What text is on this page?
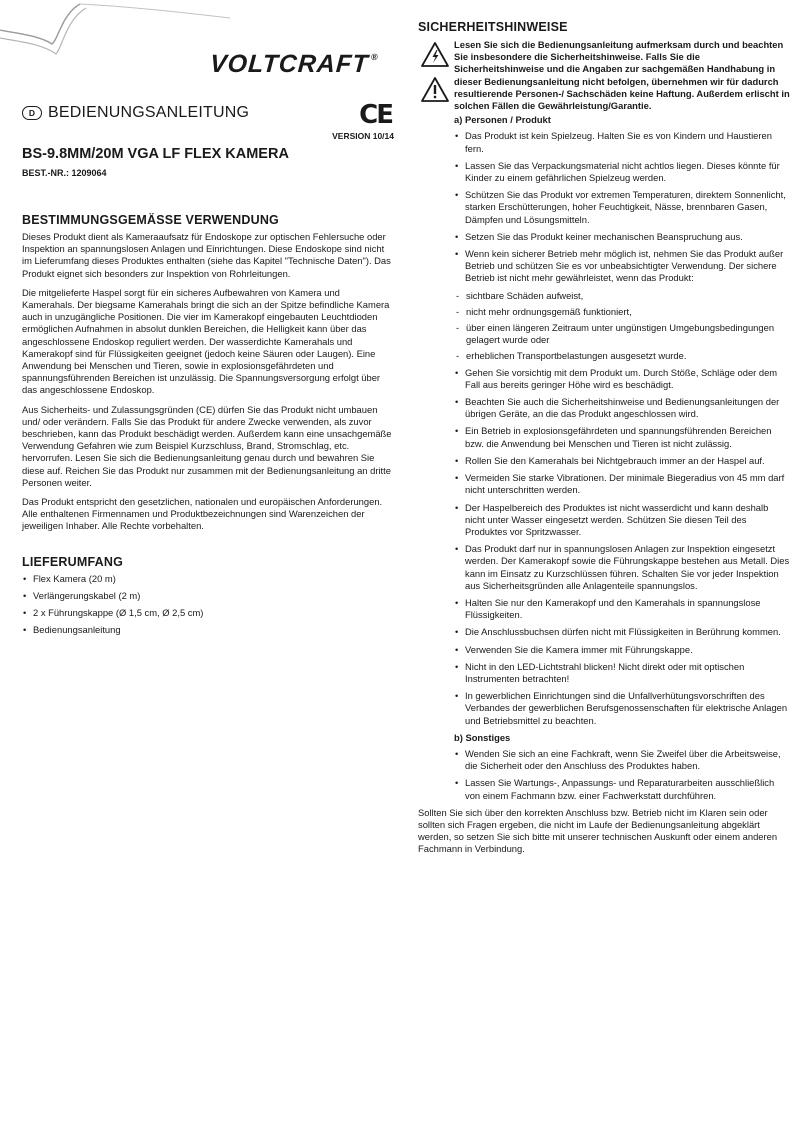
VOLTCRAFT®
D BEDIENUNGSANLEITUNG	CE
VERSION 10/14
BS-9.8MM/20M VGA LF FLEX KAMERA
BEST.-NR.: 1209064
BESTIMMUNGSGEMÄSSE VERWENDUNG

Dieses Produkt dient als Kameraaufsatz für Endoskope zur optischen Fehlersuche oder Inspektion an spannungslosen Anlagen und Einrichtungen. Diese Endoskope sind nicht im Lieferumfang dieses Produktes enthalten (siehe das Kapitel "Technische Daten"). Das Produkt eignet sich besonders zur Inspektion von Rohrleitungen.

Die mitgelieferte Haspel sorgt für ein sicheres Aufbewahren von Kamera und Kamerahals. Der biegsame Kamerahals bringt die sich an der Spitze befindliche Kamera auch in unzugängliche Positionen. Die vier im Kamerakopf eingebauten Leuchtdioden ermöglichen Aufnahmen in absolut dunklen Bereichen, die Helligkeit kann über das angeschlossene Endoskop reguliert werden. Der wasserdichte Kamerahals und Kamerakopf sind für Flüssigkeiten geeignet (jedoch keine Säuren oder Laugen). Eine Anwendung bei Menschen und Tieren, sowie in explosionsgefährdeten und spannungsführenden Bereichen ist unzulässig. Die Spannungsversorgung erfolgt über das angeschlossene Endoskop.

Aus Sicherheits- und Zulassungsgründen (CE) dürfen Sie das Produkt nicht umbauen und/ oder verändern. Falls Sie das Produkt für andere Zwecke verwenden, als zuvor beschrieben, kann das Produkt beschädigt werden. Außerdem kann eine unsachgemäße Verwendung Gefahren wie zum Beispiel Kurzschluss, Brand, Stromschlag, etc. hervorrufen. Lesen Sie sich die Bedienungsanleitung genau durch und bewahren Sie diese auf. Reichen Sie das Produkt nur zusammen mit der Bedienungsanleitung an dritte Personen weiter.

Das Produkt entspricht den gesetzlichen, nationalen und europäischen Anforderungen. Alle enthaltenen Firmennamen und Produktbezeichnungen sind Warenzeichen der jeweiligen Inhaber. Alle Rechte vorbehalten.

LIEFERUMFANG
• Flex Kamera (20 m)
• Verlängerungskabel (2 m)
• 2 x Führungskappe (Ø 1,5 cm, Ø 2,5 cm)
• Bedienungsanleitung
SICHERHEITSHINWEISE

Lesen Sie sich die Bedienungsanleitung aufmerksam durch und beachten Sie insbesondere die Sicherheitshinweise. Falls Sie die Sicherheitshinweise und die Angaben zur sachgemäßen Handhabung in dieser Bedienungsanleitung nicht befolgen, übernehmen wir für dadurch resultierende Personen-/ Sachschäden keine Haftung. Außerdem erlischt in solchen Fällen die Gewährleistung/Garantie.

a) Personen / Produkt
• Das Produkt ist kein Spielzeug. Halten Sie es von Kindern und Haustieren fern.
• Lassen Sie das Verpackungsmaterial nicht achtlos liegen. Dieses könnte für Kinder zu einem gefährlichen Spielzeug werden.
• Schützen Sie das Produkt vor extremen Temperaturen, direktem Sonnenlicht, starken Erschütterungen, hoher Feuchtigkeit, Nässe, brennbaren Gasen, Dämpfen und Lösungsmitteln.
• Setzen Sie das Produkt keiner mechanischen Beanspruchung aus.
• Wenn kein sicherer Betrieb mehr möglich ist, nehmen Sie das Produkt außer Betrieb und schützen Sie es vor unbeabsichtigter Verwendung. Der sichere Betrieb ist nicht mehr gewährleistet, wenn das Produkt:
- sichtbare Schäden aufweist,
- nicht mehr ordnungsgemäß funktioniert,
- über einen längeren Zeitraum unter ungünstigen Umgebungsbedingungen gelagert wurde oder
- erheblichen Transportbelastungen ausgesetzt wurde.
• Gehen Sie vorsichtig mit dem Produkt um. Durch Stöße, Schläge oder dem Fall aus bereits geringer Höhe wird es beschädigt.
• Beachten Sie auch die Sicherheitshinweise und Bedienungsanleitungen der übrigen Geräte, an die das Produkt angeschlossen wird.
• Ein Betrieb in explosionsgefährdeten und spannungsführenden Bereichen bzw. die Anwendung bei Menschen und Tieren ist nicht zulässig.
• Rollen Sie den Kamerahals bei Nichtgebrauch immer an der Haspel auf.
• Vermeiden Sie starke Vibrationen. Der minimale Biegeradius von 45 mm darf nicht unterschritten werden.
• Der Haspelbereich des Produktes ist nicht wasserdicht und kann deshalb nicht unter Wasser eingesetzt werden. Schützen Sie diesen Teil des Produktes vor Spritzwasser.
• Das Produkt darf nur in spannungslosen Anlagen zur Inspektion eingesetzt werden. Der Kamerakopf sowie die Führungskappe bestehen aus Metall. Dies kann im Einsatz zu Kurzschlüssen führen. Schalten Sie vor jeder Inspektion aus Sicherheitsgründen alle Anlagenteile spannungslos.
• Halten Sie nur den Kamerakopf und den Kamerahals in spannungslose Flüssigkeiten.
• Die Anschlussbuchsen dürfen nicht mit Flüssigkeiten in Berührung kommen.
• Verwenden Sie die Kamera immer mit Führungskappe.
• Nicht in den LED-Lichtstrahl blicken! Nicht direkt oder mit optischen Instrumenten betrachten!
• In gewerblichen Einrichtungen sind die Unfallverhütungsvorschriften des Verbandes der gewerblichen Berufsgenossenschaften für elektrische Anlagen und Betriebsmittel zu beachten.
b) Sonstiges
• Wenden Sie sich an eine Fachkraft, wenn Sie Zweifel über die Arbeitsweise, die Sicherheit oder den Anschluss des Produktes haben.
• Lassen Sie Wartungs-, Anpassungs- und Reparaturarbeiten ausschließlich von einem Fachmann bzw. einer Fachwerkstatt durchführen.

Sollten Sie sich über den korrekten Anschluss bzw. Betrieb nicht im Klaren sein oder sollten sich Fragen ergeben, die nicht im Laufe der Bedienungsanleitung abgeklärt werden, so setzen Sie sich bitte mit unserer technischen Auskunft oder einem anderen Fachmann in Verbindung.
